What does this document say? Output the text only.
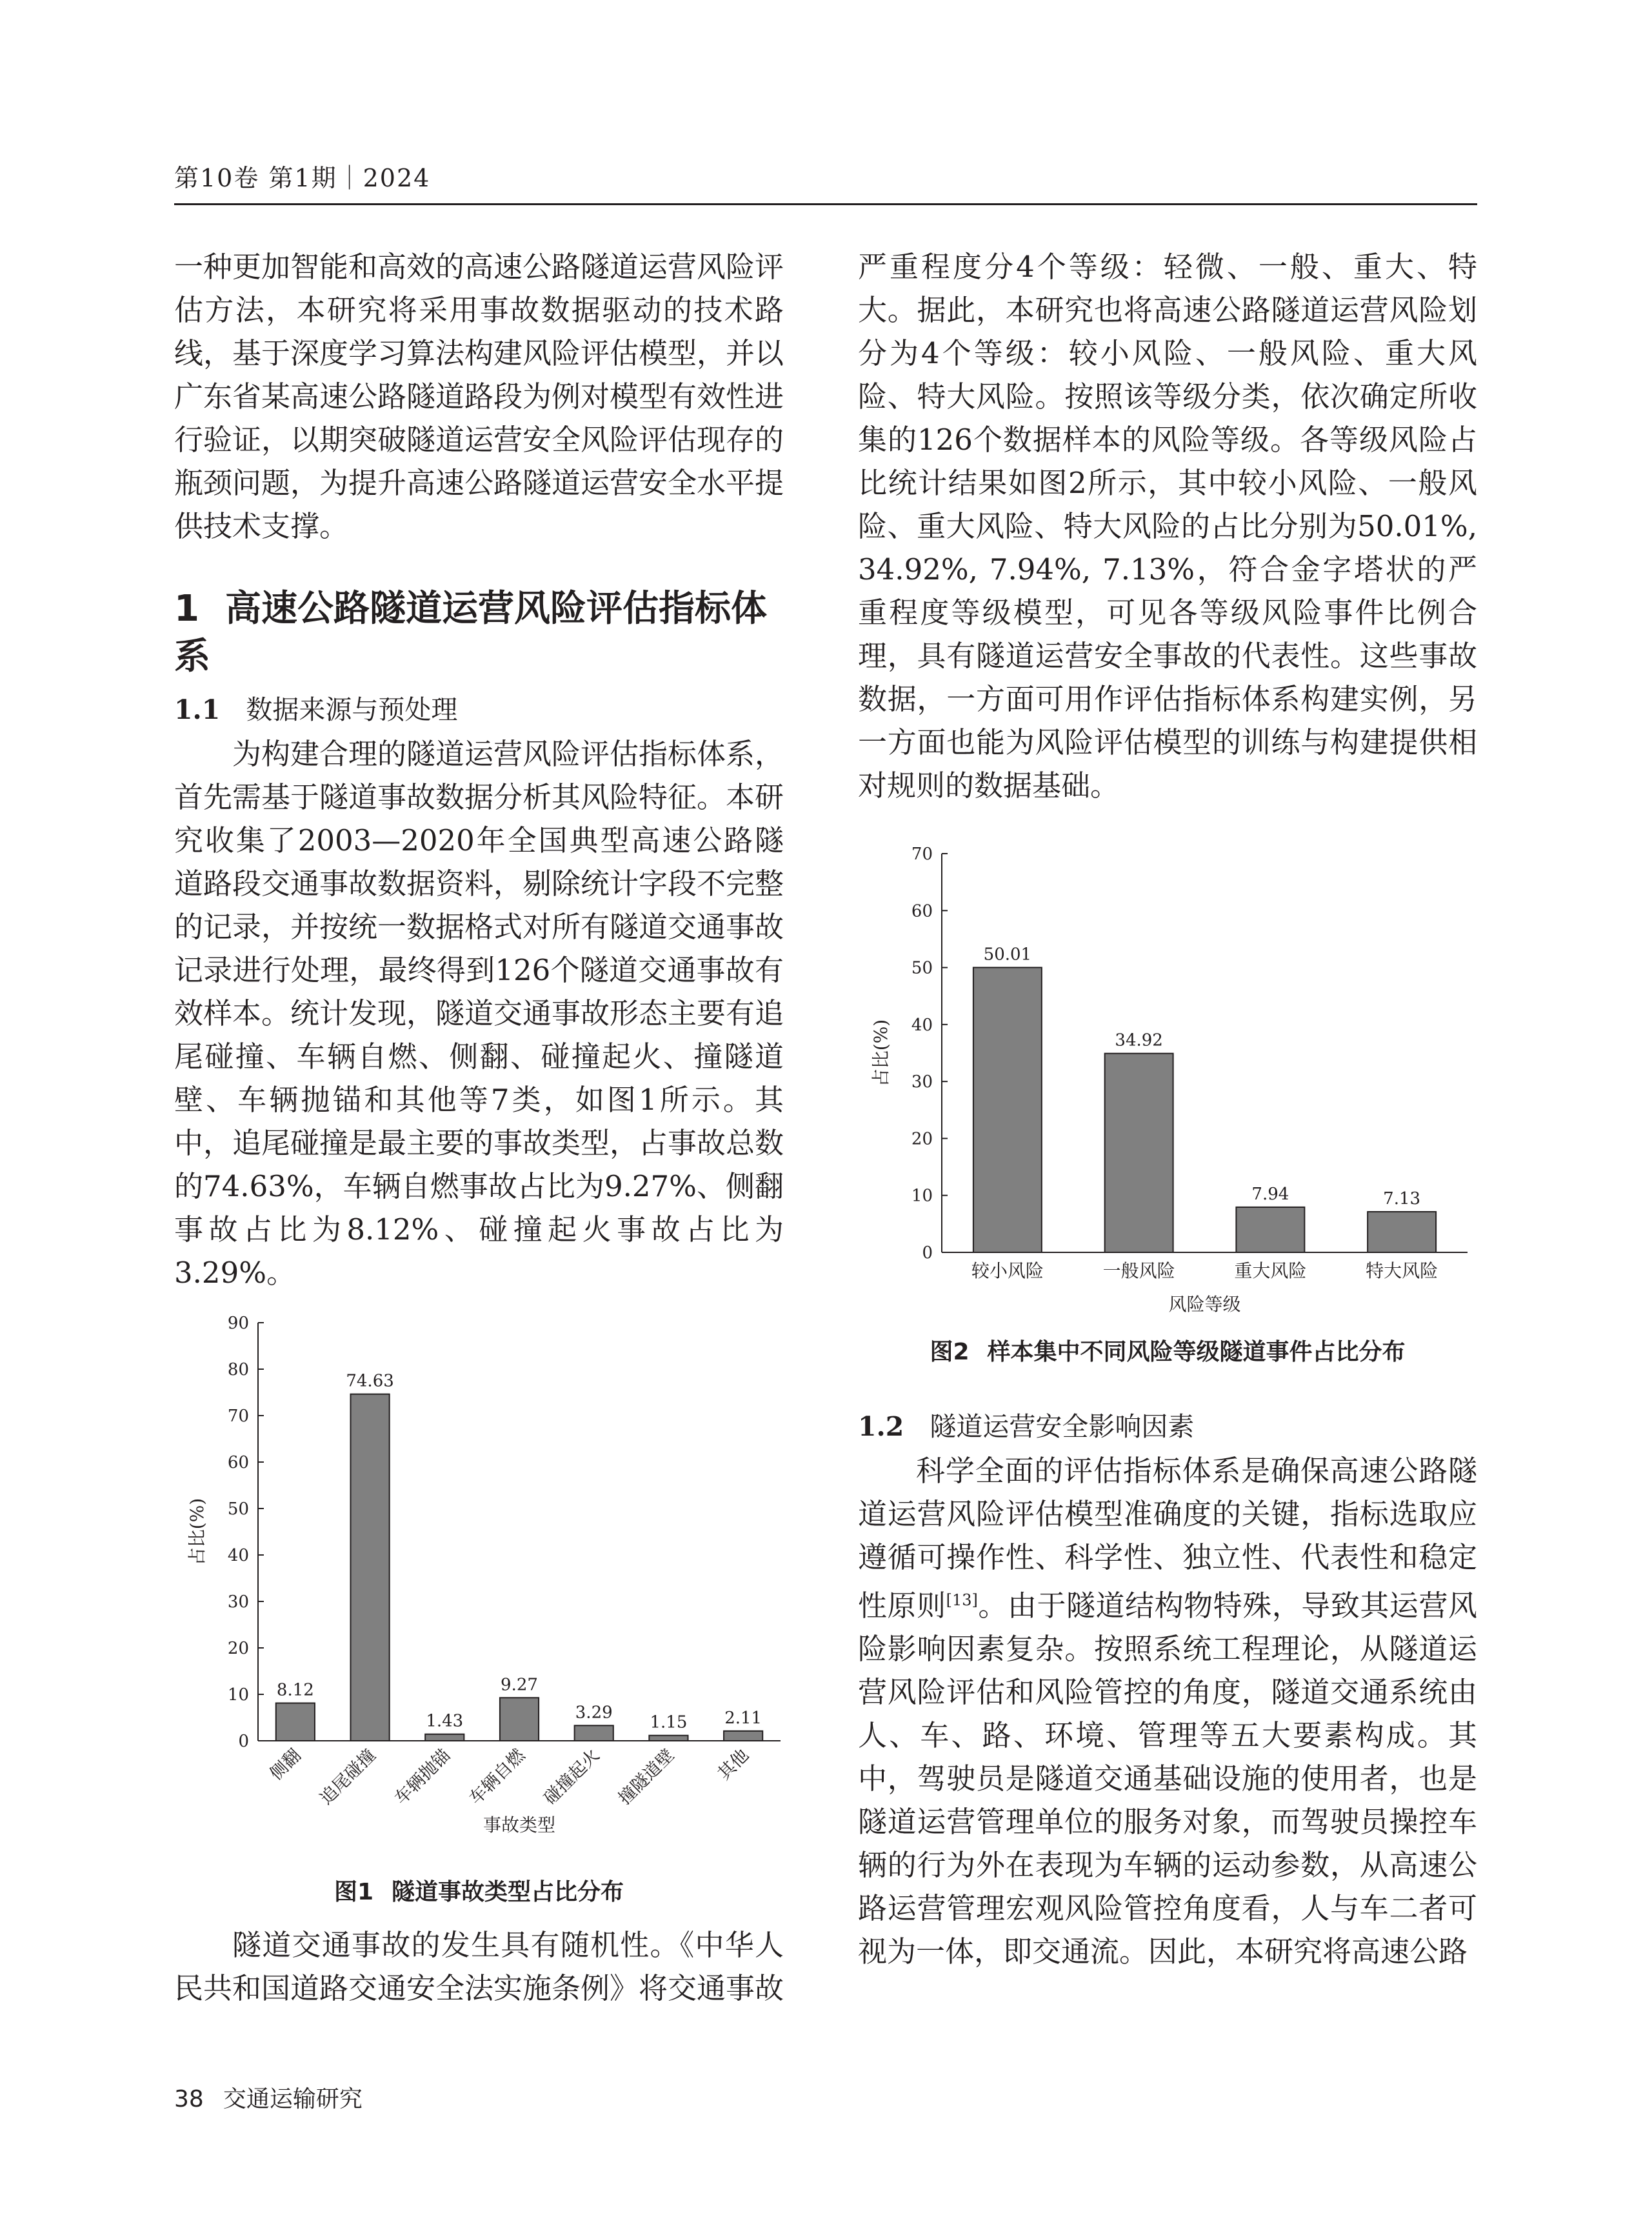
第10卷 第1期｜2024

一种更加智能和高效的高速公路隧道运营风险评估方法，本研究将采用事故数据驱动的技术路线，基于深度学习算法构建风险评估模型，并以广东省某高速公路隧道路段为例对模型有效性进行验证，以期突破隧道运营安全风险评估现存的瓶颈问题，为提升高速公路隧道运营安全水平提供技术支撑。

1 高速公路隧道运营风险评估指标体系
1.1 数据来源与预处理

为构建合理的隧道运营风险评估指标体系，首先需基于隧道事故数据分析其风险特征。本研究收集了2003—2020年全国典型高速公路隧道路段交通事故数据资料，剔除统计字段不完整的记录，并按统一数据格式对所有隧道交通事故记录进行处理，最终得到126个隧道交通事故有效样本。统计发现，隧道交通事故形态主要有追尾碰撞、车辆自燃、侧翻、碰撞起火、撞隧道壁、车辆抛锚和其他等7类，如图1所示。其中，追尾碰撞是最主要的事故类型，占事故总数的74.63%，车辆自燃事故占比为9.27%、侧翻事故占比为8.12%、碰撞起火事故占比为3.29%。

0
10
20
30
40
50
60
70
80
90
占比(%)
8.12
侧翻
74.63
追尾碰撞
1.43
车辆抛锚
9.27
车辆自燃
3.29
碰撞起火
1.15
撞隧道壁
2.11
其他
事故类型
图1 隧道事故类型占比分布

隧道交通事故的发生具有随机性。《中华人民共和国道路交通安全法实施条例》将交通事故

严重程度分4个等级：轻微、一般、重大、特大。据此，本研究也将高速公路隧道运营风险划分为4个等级：较小风险、一般风险、重大风险、特大风险。按照该等级分类，依次确定所收集的126个数据样本的风险等级。各等级风险占比统计结果如图2所示，其中较小风险、一般风险、重大风险、特大风险的占比分别为50.01%, 34.92%, 7.94%, 7.13%，符合金字塔状的严重程度等级模型，可见各等级风险事件比例合理，具有隧道运营安全事故的代表性。这些事故数据，一方面可用作评估指标体系构建实例，另一方面也能为风险评估模型的训练与构建提供相对规则的数据基础。

0
10
20
30
40
50
60
70
占比(%)
50.01
较小风险
34.92
一般风险
7.94
重大风险
7.13
特大风险
风险等级
图2 样本集中不同风险等级隧道事件占比分布
1.2 隧道运营安全影响因素

科学全面的评估指标体系是确保高速公路隧道运营风险评估模型准确度的关键，指标选取应遵循可操作性、科学性、独立性、代表性和稳定性原则[13]。由于隧道结构物特殊，导致其运营风险影响因素复杂。按照系统工程理论，从隧道运营风险评估和风险管控的角度，隧道交通系统由人、车、路、环境、管理等五大要素构成。其中，驾驶员是隧道交通基础设施的使用者，也是隧道运营管理单位的服务对象，而驾驶员操控车辆的行为外在表现为车辆的运动参数，从高速公路运营管理宏观风险管控角度看，人与车二者可视为一体，即交通流。因此，本研究将高速公路

38 交通运输研究
